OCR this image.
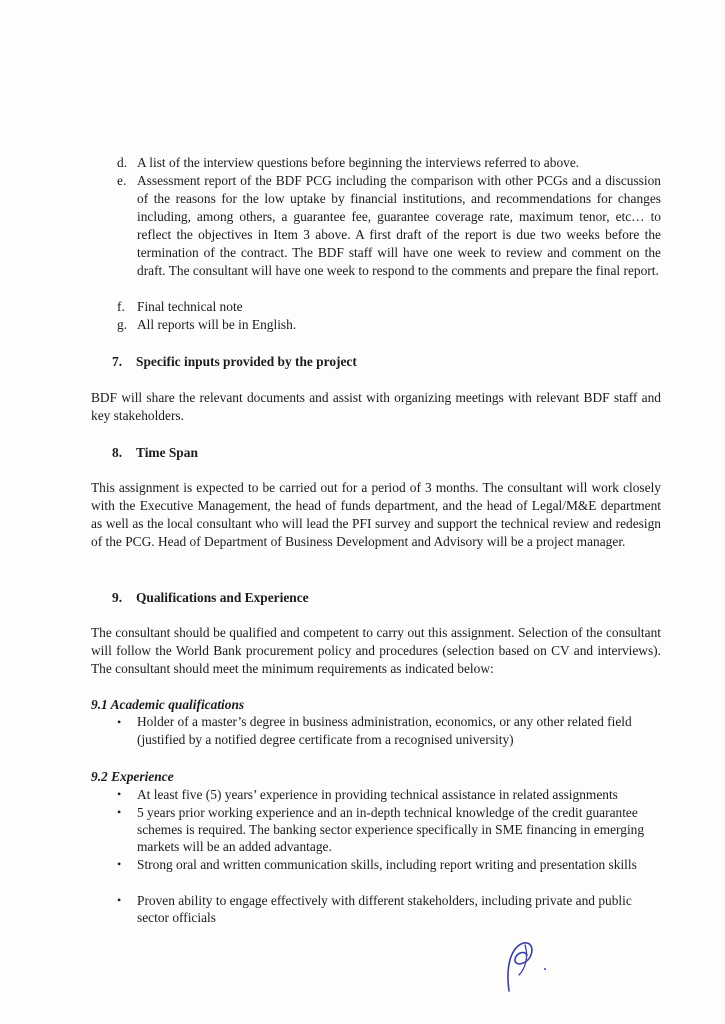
d. A list of the interview questions before beginning the interviews referred to above.
e. Assessment report of the BDF PCG including the comparison with other PCGs and a discussion of the reasons for the low uptake by financial institutions, and recommendations for changes including, among others, a guarantee fee, guarantee coverage rate, maximum tenor, etc… to reflect the objectives in Item 3 above. A first draft of the report is due two weeks before the termination of the contract. The BDF staff will have one week to review and comment on the draft. The consultant will have one week to respond to the comments and prepare the final report.
f. Final technical note
g. All reports will be in English.
7. Specific inputs provided by the project
BDF will share the relevant documents and assist with organizing meetings with relevant BDF staff and key stakeholders.
8. Time Span
This assignment is expected to be carried out for a period of 3 months. The consultant will work closely with the Executive Management, the head of funds department, and the head of Legal/M&E department as well as the local consultant who will lead the PFI survey and support the technical review and redesign of the PCG. Head of Department of Business Development and Advisory will be a project manager.
9. Qualifications and Experience
The consultant should be qualified and competent to carry out this assignment. Selection of the consultant will follow the World Bank procurement policy and procedures (selection based on CV and interviews). The consultant should meet the minimum requirements as indicated below:
9.1 Academic qualifications
• Holder of a master’s degree in business administration, economics, or any other related field (justified by a notified degree certificate from a recognised university)
9.2 Experience
• At least five (5) years’ experience in providing technical assistance in related assignments
• 5 years prior working experience and an in-depth technical knowledge of the credit guarantee schemes is required. The banking sector experience specifically in SME financing in emerging markets will be an added advantage.
• Strong oral and written communication skills, including report writing and presentation skills
• Proven ability to engage effectively with different stakeholders, including private and public sector officials
